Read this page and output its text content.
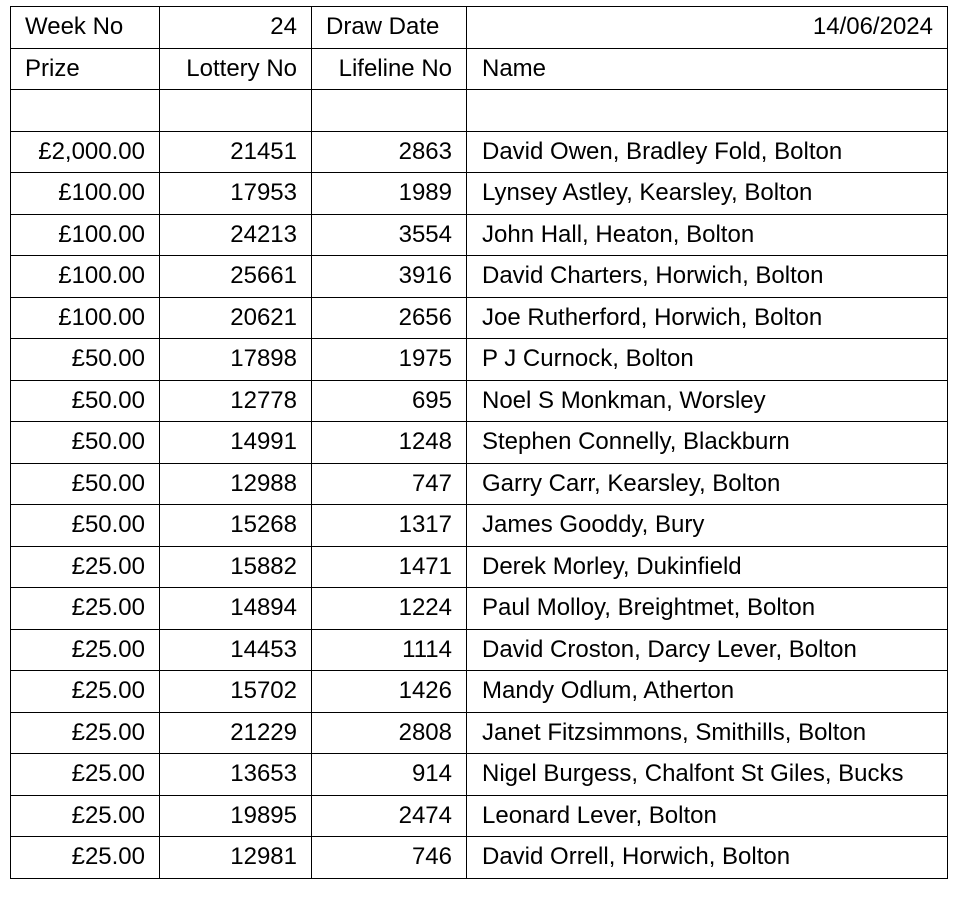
Week No	24	Draw Date	14/06/2024
Prize	Lottery No	Lifeline No	Name

£2,000.00	21451	2863	David Owen, Bradley Fold, Bolton
£100.00	17953	1989	Lynsey Astley, Kearsley, Bolton
£100.00	24213	3554	John Hall, Heaton, Bolton
£100.00	25661	3916	David Charters, Horwich, Bolton
£100.00	20621	2656	Joe Rutherford, Horwich, Bolton
£50.00	17898	1975	P J Curnock, Bolton
£50.00	12778	695	Noel S Monkman, Worsley
£50.00	14991	1248	Stephen Connelly, Blackburn
£50.00	12988	747	Garry Carr, Kearsley, Bolton
£50.00	15268	1317	James Gooddy, Bury
£25.00	15882	1471	Derek Morley, Dukinfield
£25.00	14894	1224	Paul Molloy, Breightmet, Bolton
£25.00	14453	1114	David Croston, Darcy Lever, Bolton
£25.00	15702	1426	Mandy Odlum, Atherton
£25.00	21229	2808	Janet Fitzsimmons, Smithills, Bolton
£25.00	13653	914	Nigel Burgess, Chalfont St Giles, Bucks
£25.00	19895	2474	Leonard Lever, Bolton
£25.00	12981	746	David Orrell, Horwich, Bolton
